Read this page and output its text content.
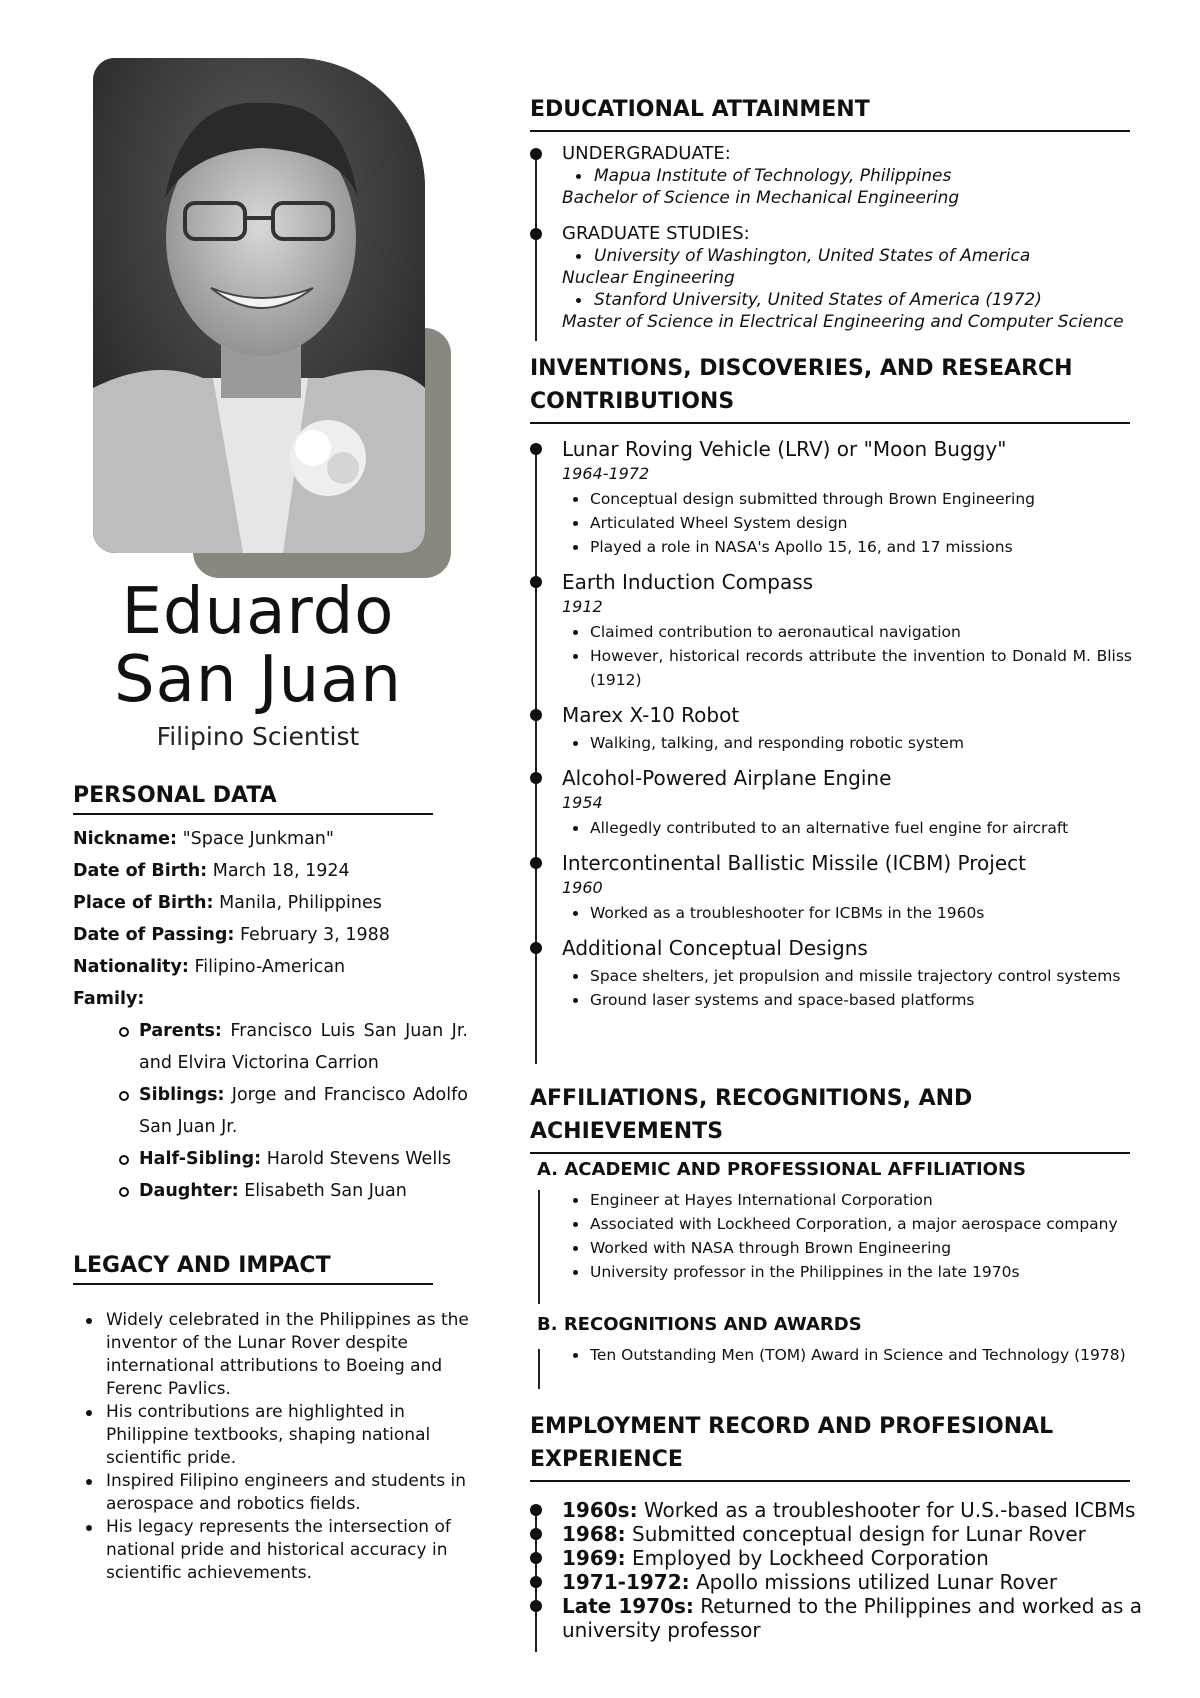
Eduardo
San Juan
Filipino Scientist
PERSONAL DATA
Nickname: "Space Junkman"
Date of Birth: March 18, 1924
Place of Birth: Manila, Philippines
Date of Passing: February 3, 1988
Nationality: Filipino-American
Family:
Parents: Francisco Luis San Juan Jr. and Elvira Victorina Carrion
Siblings: Jorge and Francisco Adolfo San Juan Jr.
Half-Sibling: Harold Stevens Wells
Daughter: Elisabeth San Juan
LEGACY AND IMPACT
Widely celebrated in the Philippines as the inventor of the Lunar Rover despite international attributions to Boeing and Ferenc Pavlics.
His contributions are highlighted in Philippine textbooks, shaping national scientific pride.
Inspired Filipino engineers and students in aerospace and robotics fields.
His legacy represents the intersection of national pride and historical accuracy in scientific achievements.
EDUCATIONAL ATTAINMENT
UNDERGRADUATE:
Mapua Institute of Technology, Philippines
Bachelor of Science in Mechanical Engineering
GRADUATE STUDIES:
University of Washington, United States of America
Nuclear Engineering
Stanford University, United States of America (1972)
Master of Science in Electrical Engineering and Computer Science
INVENTIONS, DISCOVERIES, AND RESEARCH
CONTRIBUTIONS
Lunar Roving Vehicle (LRV) or "Moon Buggy"
1964-1972
Conceptual design submitted through Brown Engineering
Articulated Wheel System design
Played a role in NASA's Apollo 15, 16, and 17 missions
Earth Induction Compass
1912
Claimed contribution to aeronautical navigation
However, historical records attribute the invention to Donald M. Bliss (1912)
Marex X-10 Robot
Walking, talking, and responding robotic system
Alcohol-Powered Airplane Engine
1954
Allegedly contributed to an alternative fuel engine for aircraft
Intercontinental Ballistic Missile (ICBM) Project
1960
Worked as a troubleshooter for ICBMs in the 1960s
Additional Conceptual Designs
Space shelters, jet propulsion and missile trajectory control systems
Ground laser systems and space-based platforms
AFFILIATIONS, RECOGNITIONS, AND
ACHIEVEMENTS
A. ACADEMIC AND PROFESSIONAL AFFILIATIONS
Engineer at Hayes International Corporation
Associated with Lockheed Corporation, a major aerospace company
Worked with NASA through Brown Engineering
University professor in the Philippines in the late 1970s
B. RECOGNITIONS AND AWARDS
Ten Outstanding Men (TOM) Award in Science and Technology (1978)
EMPLOYMENT RECORD AND PROFESIONAL
EXPERIENCE
1960s: Worked as a troubleshooter for U.S.-based ICBMs
1968: Submitted conceptual design for Lunar Rover
1969: Employed by Lockheed Corporation
1971-1972: Apollo missions utilized Lunar Rover
Late 1970s: Returned to the Philippines and worked as a university professor
